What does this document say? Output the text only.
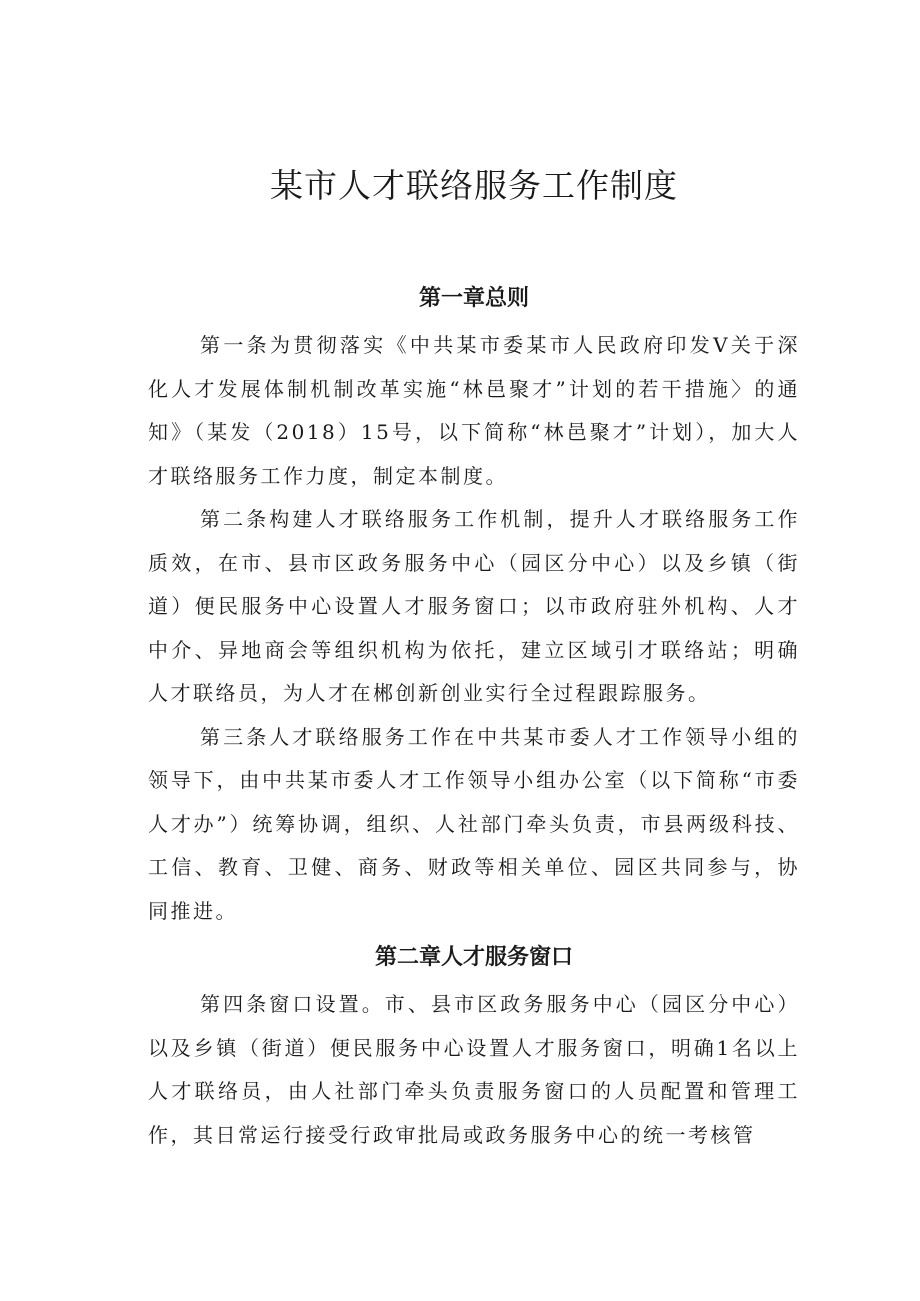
某市人才联络服务工作制度
第一章总则

第一条为贯彻落实《中共某市委某市人民政府印发V关于深化人才发展体制机制改革实施“林邑聚才”计划的若干措施〉的通知》（某发（2018）15号，以下简称“林邑聚才”计划），加大人才联络服务工作力度，制定本制度。

第二条构建人才联络服务工作机制，提升人才联络服务工作质效，在市、县市区政务服务中心（园区分中心）以及乡镇（街道）便民服务中心设置人才服务窗口；以市政府驻外机构、人才中介、异地商会等组织机构为依托，建立区域引才联络站；明确人才联络员，为人才在郴创新创业实行全过程跟踪服务。

第三条人才联络服务工作在中共某市委人才工作领导小组的领导下，由中共某市委人才工作领导小组办公室（以下简称“市委人才办”）统筹协调，组织、人社部门牵头负责，市县两级科技、工信、教育、卫健、商务、财政等相关单位、园区共同参与，协同推进。

第二章人才服务窗口

第四条窗口设置。市、县市区政务服务中心（园区分中心）以及乡镇（街道）便民服务中心设置人才服务窗口，明确1名以上人才联络员，由人社部门牵头负责服务窗口的人员配置和管理工作，其日常运行接受行政审批局或政务服务中心的统一考核管
